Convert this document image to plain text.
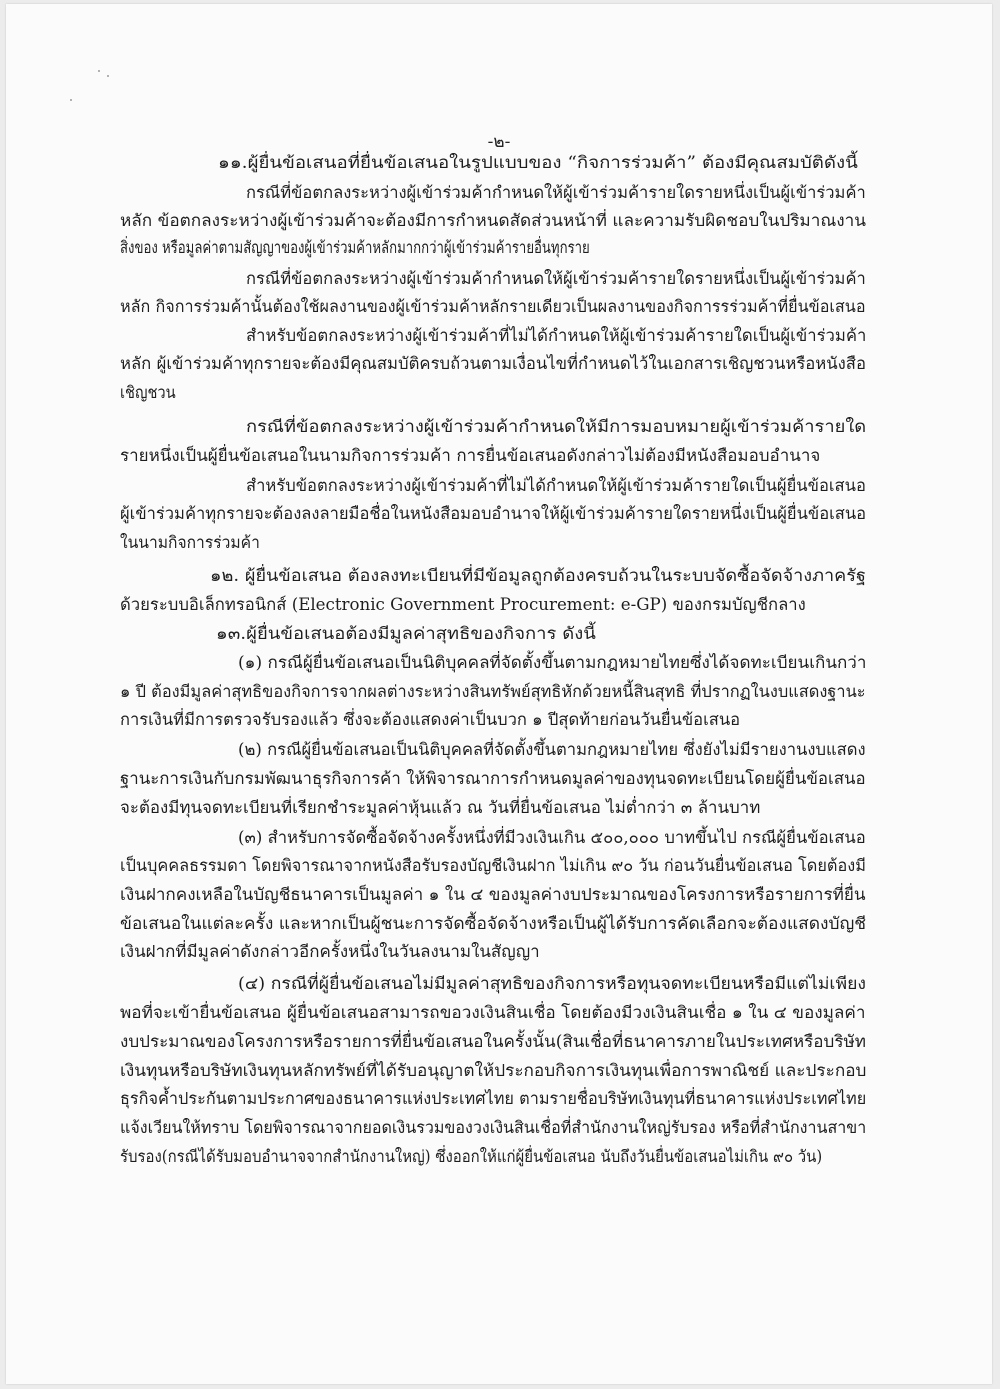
-๒-
๑๑.ผู้ยื่นข้อเสนอที่ยื่นข้อเสนอในรูปแบบของ “กิจการร่วมค้า” ต้องมีคุณสมบัติดังนี้
กรณีที่ข้อตกลงระหว่างผู้เข้าร่วมค้ากำหนดให้ผู้เข้าร่วมค้ารายใดรายหนึ่งเป็นผู้เข้าร่วมค้า
หลัก ข้อตกลงระหว่างผู้เข้าร่วมค้าจะต้องมีการกำหนดสัดส่วนหน้าที่ และความรับผิดชอบในปริมาณงาน
สิ่งของ หรือมูลค่าตามสัญญาของผู้เข้าร่วมค้าหลักมากกว่าผู้เข้าร่วมค้ารายอื่นทุกราย
กรณีที่ข้อตกลงระหว่างผู้เข้าร่วมค้ากำหนดให้ผู้เข้าร่วมค้ารายใดรายหนึ่งเป็นผู้เข้าร่วมค้า
หลัก กิจการร่วมค้านั้นต้องใช้ผลงานของผู้เข้าร่วมค้าหลักรายเดียวเป็นผลงานของกิจการรร่วมค้าที่ยื่นข้อเสนอ
สำหรับข้อตกลงระหว่างผู้เข้าร่วมค้าที่ไม่ได้กำหนดให้ผู้เข้าร่วมค้ารายใดเป็นผู้เข้าร่วมค้า
หลัก ผู้เข้าร่วมค้าทุกรายจะต้องมีคุณสมบัติครบถ้วนตามเงื่อนไขที่กำหนดไว้ในเอกสารเชิญชวนหรือหนังสือ
เชิญชวน
กรณีที่ข้อตกลงระหว่างผู้เข้าร่วมค้ากำหนดให้มีการมอบหมายผู้เข้าร่วมค้ารายใด
รายหนึ่งเป็นผู้ยื่นข้อเสนอในนามกิจการร่วมค้า การยื่นข้อเสนอดังกล่าวไม่ต้องมีหนังสือมอบอำนาจ
สำหรับข้อตกลงระหว่างผู้เข้าร่วมค้าที่ไม่ได้กำหนดให้ผู้เข้าร่วมค้ารายใดเป็นผู้ยื่นข้อเสนอ
ผู้เข้าร่วมค้าทุกรายจะต้องลงลายมือชื่อในหนังสือมอบอำนาจให้ผู้เข้าร่วมค้ารายใดรายหนึ่งเป็นผู้ยื่นข้อเสนอ
ในนามกิจการร่วมค้า
๑๒. ผู้ยื่นข้อเสนอ ต้องลงทะเบียนที่มีข้อมูลถูกต้องครบถ้วนในระบบจัดซื้อจัดจ้างภาครัฐ
ด้วยระบบอิเล็กทรอนิกส์ (Electronic Government Procurement: e-GP) ของกรมบัญชีกลาง
๑๓.ผู้ยื่นข้อเสนอต้องมีมูลค่าสุทธิของกิจการ ดังนี้
(๑) กรณีผู้ยื่นข้อเสนอเป็นนิติบุคคลที่จัดตั้งขึ้นตามกฎหมายไทยซึ่งได้จดทะเบียนเกินกว่า
๑ ปี ต้องมีมูลค่าสุทธิของกิจการจากผลต่างระหว่างสินทรัพย์สุทธิหักด้วยหนี้สินสุทธิ ที่ปรากฏในงบแสดงฐานะ
การเงินที่มีการตรวจรับรองแล้ว ซึ่งจะต้องแสดงค่าเป็นบวก ๑ ปีสุดท้ายก่อนวันยื่นข้อเสนอ
(๒) กรณีผู้ยื่นข้อเสนอเป็นนิติบุคคลที่จัดตั้งขึ้นตามกฎหมายไทย ซึ่งยังไม่มีรายงานงบแสดง
ฐานะการเงินกับกรมพัฒนาธุรกิจการค้า ให้พิจารณาการกำหนดมูลค่าของทุนจดทะเบียนโดยผู้ยื่นข้อเสนอ
จะต้องมีทุนจดทะเบียนที่เรียกชำระมูลค่าหุ้นแล้ว ณ วันที่ยื่นข้อเสนอ ไม่ต่ำกว่า ๓ ล้านบาท
(๓) สำหรับการจัดซื้อจัดจ้างครั้งหนึ่งที่มีวงเงินเกิน ๕๐๐,๐๐๐ บาทขึ้นไป กรณีผู้ยื่นข้อเสนอ
เป็นบุคคลธรรมดา โดยพิจารณาจากหนังสือรับรองบัญชีเงินฝาก ไม่เกิน ๙๐ วัน ก่อนวันยื่นข้อเสนอ โดยต้องมี
เงินฝากคงเหลือในบัญชีธนาคารเป็นมูลค่า ๑ ใน ๔ ของมูลค่างบประมาณของโครงการหรือรายการที่ยื่น
ข้อเสนอในแต่ละครั้ง และหากเป็นผู้ชนะการจัดซื้อจัดจ้างหรือเป็นผู้ได้รับการคัดเลือกจะต้องแสดงบัญชี
เงินฝากที่มีมูลค่าดังกล่าวอีกครั้งหนึ่งในวันลงนามในสัญญา
(๔) กรณีที่ผู้ยื่นข้อเสนอไม่มีมูลค่าสุทธิของกิจการหรือทุนจดทะเบียนหรือมีแต่ไม่เพียง
พอที่จะเข้ายื่นข้อเสนอ ผู้ยื่นข้อเสนอสามารถขอวงเงินสินเชื่อ โดยต้องมีวงเงินสินเชื่อ ๑ ใน ๔ ของมูลค่า
งบประมาณของโครงการหรือรายการที่ยื่นข้อเสนอในครั้งนั้น(สินเชื่อที่ธนาคารภายในประเทศหรือบริษัท
เงินทุนหรือบริษัทเงินทุนหลักทรัพย์ที่ได้รับอนุญาตให้ประกอบกิจการเงินทุนเพื่อการพาณิชย์ และประกอบ
ธุรกิจค้ำประกันตามประกาศของธนาคารแห่งประเทศไทย ตามรายชื่อบริษัทเงินทุนที่ธนาคารแห่งประเทศไทย
แจ้งเวียนให้ทราบ โดยพิจารณาจากยอดเงินรวมของวงเงินสินเชื่อที่สำนักงานใหญ่รับรอง หรือที่สำนักงานสาขา
รับรอง(กรณีได้รับมอบอำนาจจากสำนักงานใหญ่) ซึ่งออกให้แก่ผู้ยื่นข้อเสนอ นับถึงวันยื่นข้อเสนอไม่เกิน ๙๐ วัน)
